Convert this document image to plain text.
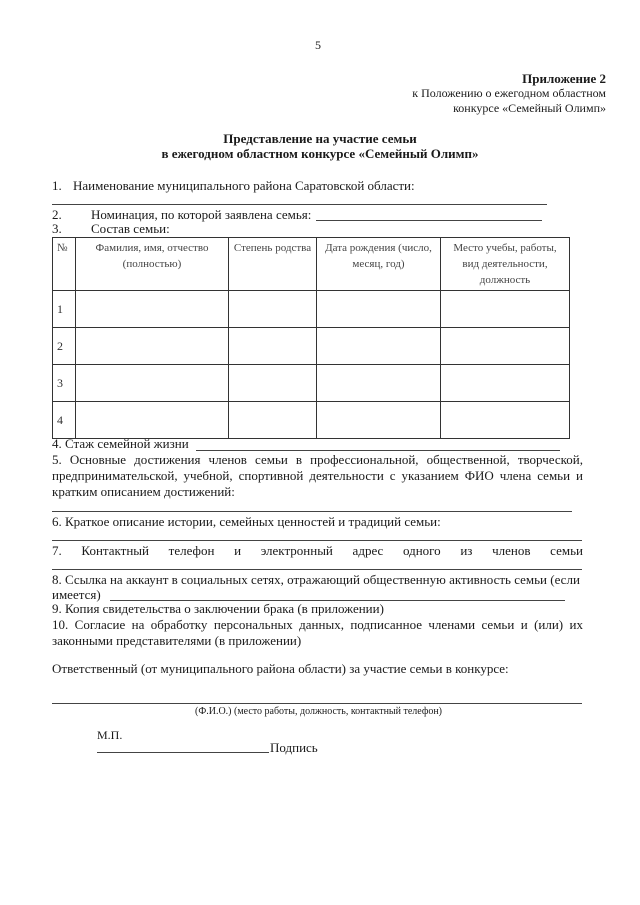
5
Приложение 2
к Положению о ежегодном областном
конкурсе «Семейный Олимп»
Представление на участие семьи
в ежегодном областном конкурсе «Семейный Олимп»
1. Наименование муниципального района Саратовской области:
2. Номинация, по которой заявлена семья:
3. Состав семьи:
№	Фамилия, имя, отчество (полностью)	Степень родства	Дата рождения (число, месяц, год)	Место учебы, работы, вид деятельности, должность
1				
2				
3				
4				
4. Стаж семейной жизни
5. Основные достижения членов семьи в профессиональной, общественной, творческой,
предпринимательской, учебной, спортивной деятельности с указанием ФИО члена семьи и
кратким описанием достижений:
6. Краткое описание истории, семейных ценностей и традиций семьи:
7. Контактный телефон и электронный адрес одного из членов семьи
8. Ссылка на аккаунт в социальных сетях, отражающий общественную активность семьи (если
имеется)
9. Копия свидетельства о заключении брака (в приложении)
10. Согласие на обработку персональных данных, подписанное членами семьи и (или) их
законными представителями (в приложении)
Ответственный (от муниципального района области) за участие семьи в конкурсе:
(Ф.И.О.) (место работы, должность, контактный телефон)
М.П.
Подпись
